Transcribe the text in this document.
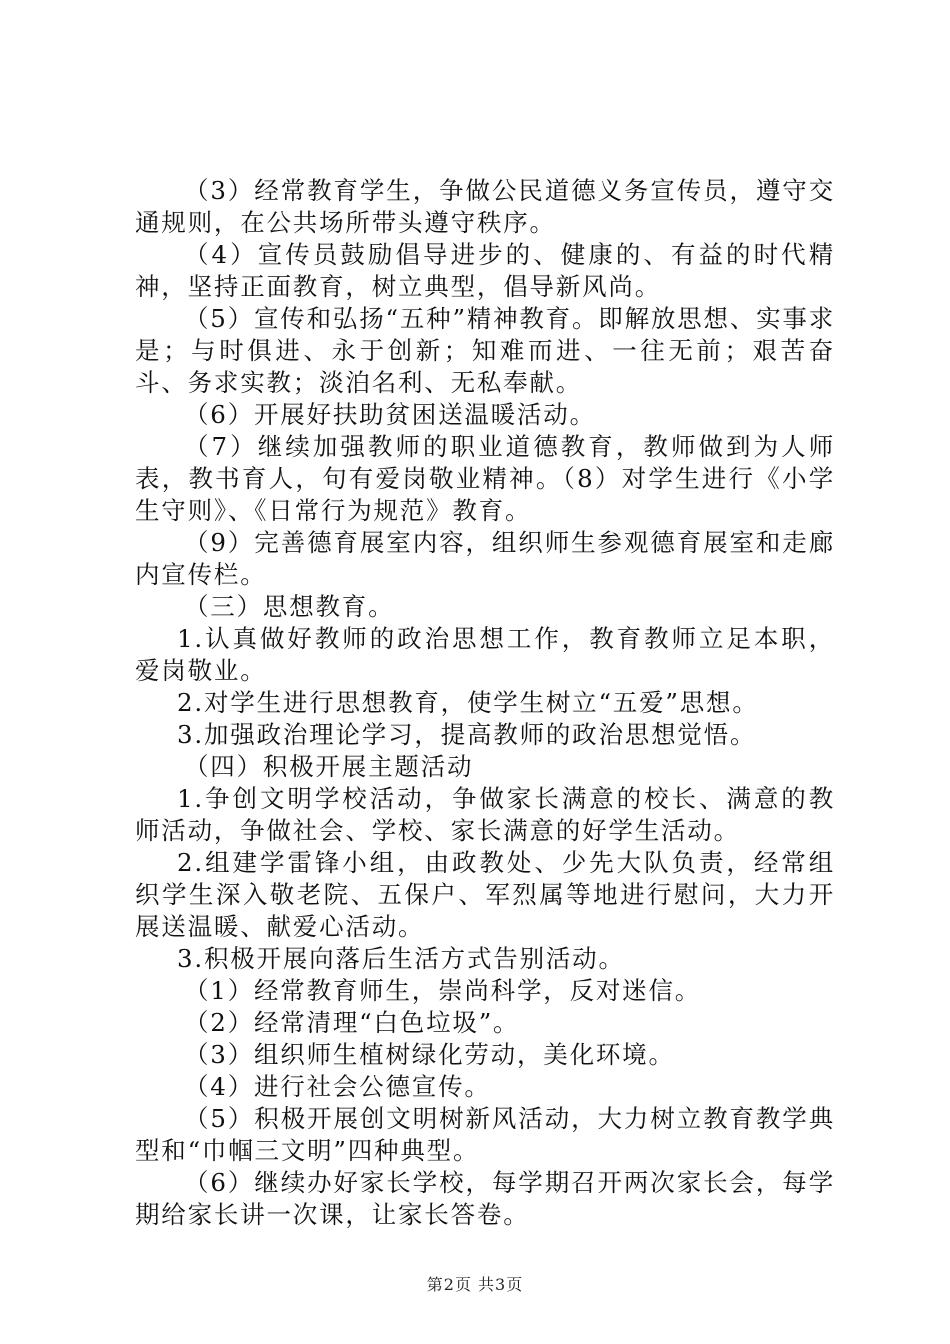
（3）经常教育学生，争做公民道德义务宣传员，遵守交通规则，在公共场所带头遵守秩序。

（4）宣传员鼓励倡导进步的、健康的、有益的时代精神，坚持正面教育，树立典型，倡导新风尚。

（5）宣传和弘扬“五种”精神教育。即解放思想、实事求是；与时俱进、永于创新；知难而进、一往无前；艰苦奋斗、务求实教；淡泊名利、无私奉献。

（6）开展好扶助贫困送温暖活动。

（7）继续加强教师的职业道德教育，教师做到为人师表，教书育人，句有爱岗敬业精神。（8）对学生进行《小学生守则》、《日常行为规范》教育。

（9）完善德育展室内容，组织师生参观德育展室和走廊内宣传栏。

（三）思想教育。

1.认真做好教师的政治思想工作，教育教师立足本职，爱岗敬业。

2.对学生进行思想教育，使学生树立“五爱”思想。

3.加强政治理论学习，提高教师的政治思想觉悟。

（四）积极开展主题活动

1.争创文明学校活动，争做家长满意的校长、满意的教师活动，争做社会、学校、家长满意的好学生活动。

2.组建学雷锋小组，由政教处、少先大队负责，经常组织学生深入敬老院、五保户、军烈属等地进行慰问，大力开展送温暖、献爱心活动。

3.积极开展向落后生活方式告别活动。

（1）经常教育师生，崇尚科学，反对迷信。

（2）经常清理“白色垃圾”。

（3）组织师生植树绿化劳动，美化环境。

（4）进行社会公德宣传。

（5）积极开展创文明树新风活动，大力树立教育教学典型和“巾帼三文明”四种典型。

（6）继续办好家长学校，每学期召开两次家长会，每学期给家长讲一次课，让家长答卷。

第2页 共3页
